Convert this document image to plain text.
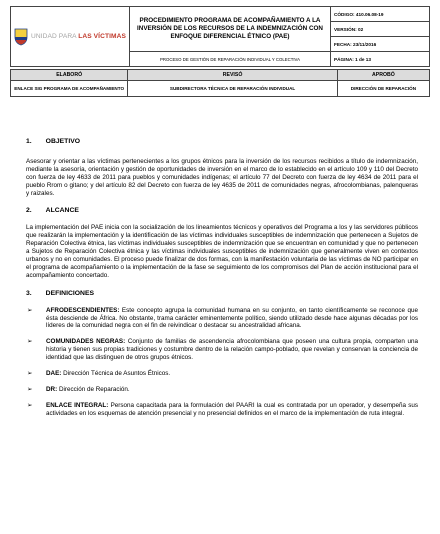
UNIDAD PARA LAS VÍCTIMAS	PROCEDIMIENTO PROGRAMA DE ACOMPAÑAMIENTO A LA INVERSIÓN DE LOS RECURSOS DE LA INDEMNIZACIÓN CON ENFOQUE DIFERENCIAL ÉTNICO (PAE)	CÓDIGO: 410.06.08-19
		VERSIÓN: 02
		FECHA: 23/11/2016
	PROCESO DE GESTIÓN DE REPARACIÓN INDIVIDUAL Y COLECTIVA	PÁGINA: 1 de 13
ELABORÓ	REVISÓ	APROBÓ
ENLACE SIG PROGRAMA DE ACOMPAÑAMIENTO	SUBDIRECTORA TÉCNICA DE REPARACIÓN INDIVIDUAL	DIRECCIÓN DE REPARACIÓN

1. OBJETIVO

Asesorar y orientar a las víctimas pertenecientes a los grupos étnicos para la inversión de los recursos recibidos a título de indemnización, mediante la asesoría, orientación y gestión de oportunidades de inversión en el marco de lo establecido en el artículo 109 y 110 del Decreto con fuerza de ley 4633 de 2011 para pueblos y comunidades indígenas; el artículo 77 del Decreto con fuerza de ley 4634 de 2011 para el pueblo Rrom o gitano; y del artículo 82 del Decreto con fuerza de ley 4635 de 2011 de comunidades negras, afrocolombianas, palenqueras y raizales.

2. ALCANCE

La implementación del PAE inicia con la socialización de los lineamientos técnicos y operativos del Programa a los y las servidores públicos que realizarán la implementación y la identificación de las víctimas individuales susceptibles de indemnización que pertenecen a Sujetos de Reparación Colectiva étnica, las víctimas individuales susceptibles de indemnización que se encuentran en comunidad y que no pertenecen a Sujetos de Reparación Colectiva étnica y las víctimas individuales susceptibles de indemnización que generalmente viven en contextos urbanos y no en comunidades. El proceso puede finalizar de dos formas, con la manifestación voluntaria de las víctimas de NO participar en el programa de acompañamiento o la implementación de la fase se seguimiento de los compromisos del Plan de acción institucional para el acompañamiento concertado.

3. DEFINICIONES

➢ AFRODESCENDIENTES: Este concepto agrupa la comunidad humana en su conjunto, en tanto científicamente se reconoce que ésta desciende de África. No obstante, trama carácter eminentemente político, siendo utilizado desde hace algunas décadas por los líderes de la comunidad negra con el fin de reivindicar o destacar su ancestralidad africana.
➢ COMUNIDADES NEGRAS: Conjunto de familias de ascendencia afrocolombiana que poseen una cultura propia, comparten una historia y tienen sus propias tradiciones y costumbre dentro de la relación campo-poblado, que revelan y conservan la conciencia de identidad que las distinguen de otros grupos étnicos.
➢ DAE: Dirección Técnica de Asuntos Étnicos.
➢ DR: Dirección de Reparación.
➢ ENLACE INTEGRAL: Persona capacitada para la formulación del PAARI la cual es contratada por un operador, y desempeña sus actividades en los esquemas de atención presencial y no presencial definidos en el marco de la implementación de ruta integral.
